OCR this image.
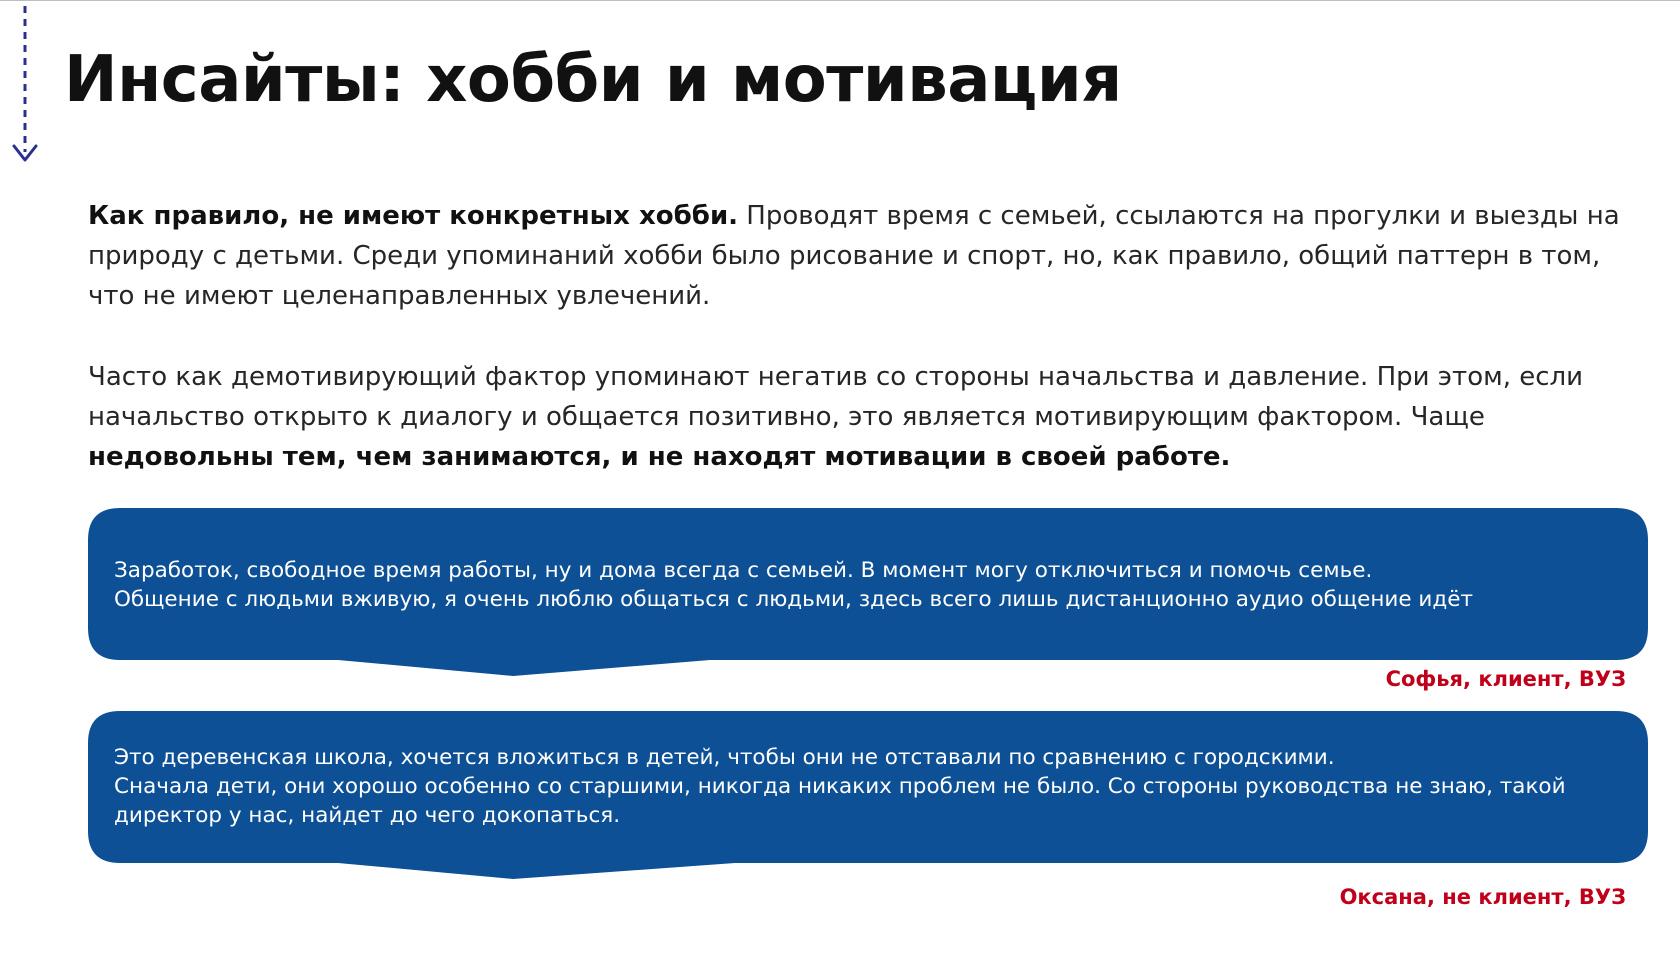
Инсайты: хобби и мотивация

Как правило, не имеют конкретных хобби. Проводят время с семьей, ссылаются на прогулки и выезды на природу с детьми. Среди упоминаний хобби было рисование и спорт, но, как правило, общий паттерн в том, что не имеют целенаправленных увлечений.

Часто как демотивирующий фактор упоминают негатив со стороны начальства и давление. При этом, если начальство открыто к диалогу и общается позитивно, это является мотивирующим фактором. Чаще недовольны тем, чем занимаются, и не находят мотивации в своей работе.

Заработок, свободное время работы, ну и дома всегда с семьей. В момент могу отключиться и помочь семье.
Общение с людьми вживую, я очень люблю общаться с людьми, здесь всего лишь дистанционно аудио общение идёт

Софья, клиент, ВУЗ

Это деревенская школа, хочется вложиться в детей, чтобы они не отставали по сравнению с городскими.
Сначала дети, они хорошо особенно со старшими, никогда никаких проблем не было. Со стороны руководства не знаю, такой директор у нас, найдет до чего докопаться.

Оксана, не клиент, ВУЗ
